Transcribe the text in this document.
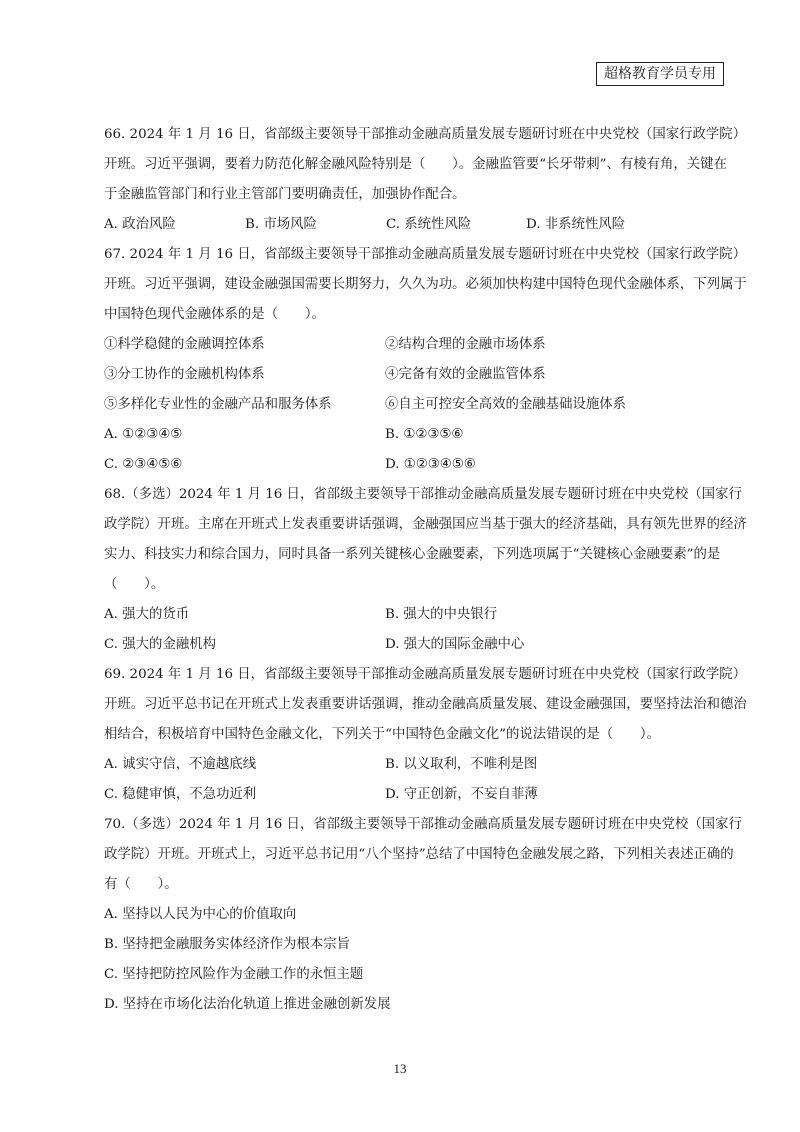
超格教育学员专用

66. 2024 年 1 月 16 日，省部级主要领导干部推动金融高质量发展专题研讨班在中央党校（国家行政学院）

开班。习近平强调，要着力防范化解金融风险特别是（　　）。金融监管要“长牙带刺”、有棱有角，关键在

于金融监管部门和行业主管部门要明确责任，加强协作配合。

A. 政治风险	B. 市场风险	C. 系统性风险	D. 非系统性风险

67. 2024 年 1 月 16 日，省部级主要领导干部推动金融高质量发展专题研讨班在中央党校（国家行政学院）

开班。习近平强调，建设金融强国需要长期努力，久久为功。必须加快构建中国特色现代金融体系，下列属于

中国特色现代金融体系的是（　　）。

①科学稳健的金融调控体系	②结构合理的金融市场体系
③分工协作的金融机构体系	④完备有效的金融监管体系
⑤多样化专业性的金融产品和服务体系	⑥自主可控安全高效的金融基础设施体系
A. ①②③④⑤	B. ①②③⑤⑥
C. ②③④⑤⑥	D. ①②③④⑤⑥

68.（多选）2024 年 1 月 16 日，省部级主要领导干部推动金融高质量发展专题研讨班在中央党校（国家行

政学院）开班。主席在开班式上发表重要讲话强调，金融强国应当基于强大的经济基础，具有领先世界的经济

实力、科技实力和综合国力，同时具备一系列关键核心金融要素，下列选项属于“关键核心金融要素”的是

（　　）。

A. 强大的货币	B. 强大的中央银行
C. 强大的金融机构	D. 强大的国际金融中心

69. 2024 年 1 月 16 日，省部级主要领导干部推动金融高质量发展专题研讨班在中央党校（国家行政学院）

开班。习近平总书记在开班式上发表重要讲话强调，推动金融高质量发展、建设金融强国，要坚持法治和德治

相结合，积极培育中国特色金融文化，下列关于“中国特色金融文化”的说法错误的是（　　）。

A. 诚实守信，不逾越底线	B. 以义取利，不唯利是图
C. 稳健审慎，不急功近利	D. 守正创新，不妄自菲薄

70.（多选）2024 年 1 月 16 日，省部级主要领导干部推动金融高质量发展专题研讨班在中央党校（国家行

政学院）开班。开班式上，习近平总书记用“八个坚持”总结了中国特色金融发展之路，下列相关表述正确的

有（　　）。

A. 坚持以人民为中心的价值取向
B. 坚持把金融服务实体经济作为根本宗旨
C. 坚持把防控风险作为金融工作的永恒主题
D. 坚持在市场化法治化轨道上推进金融创新发展
13
